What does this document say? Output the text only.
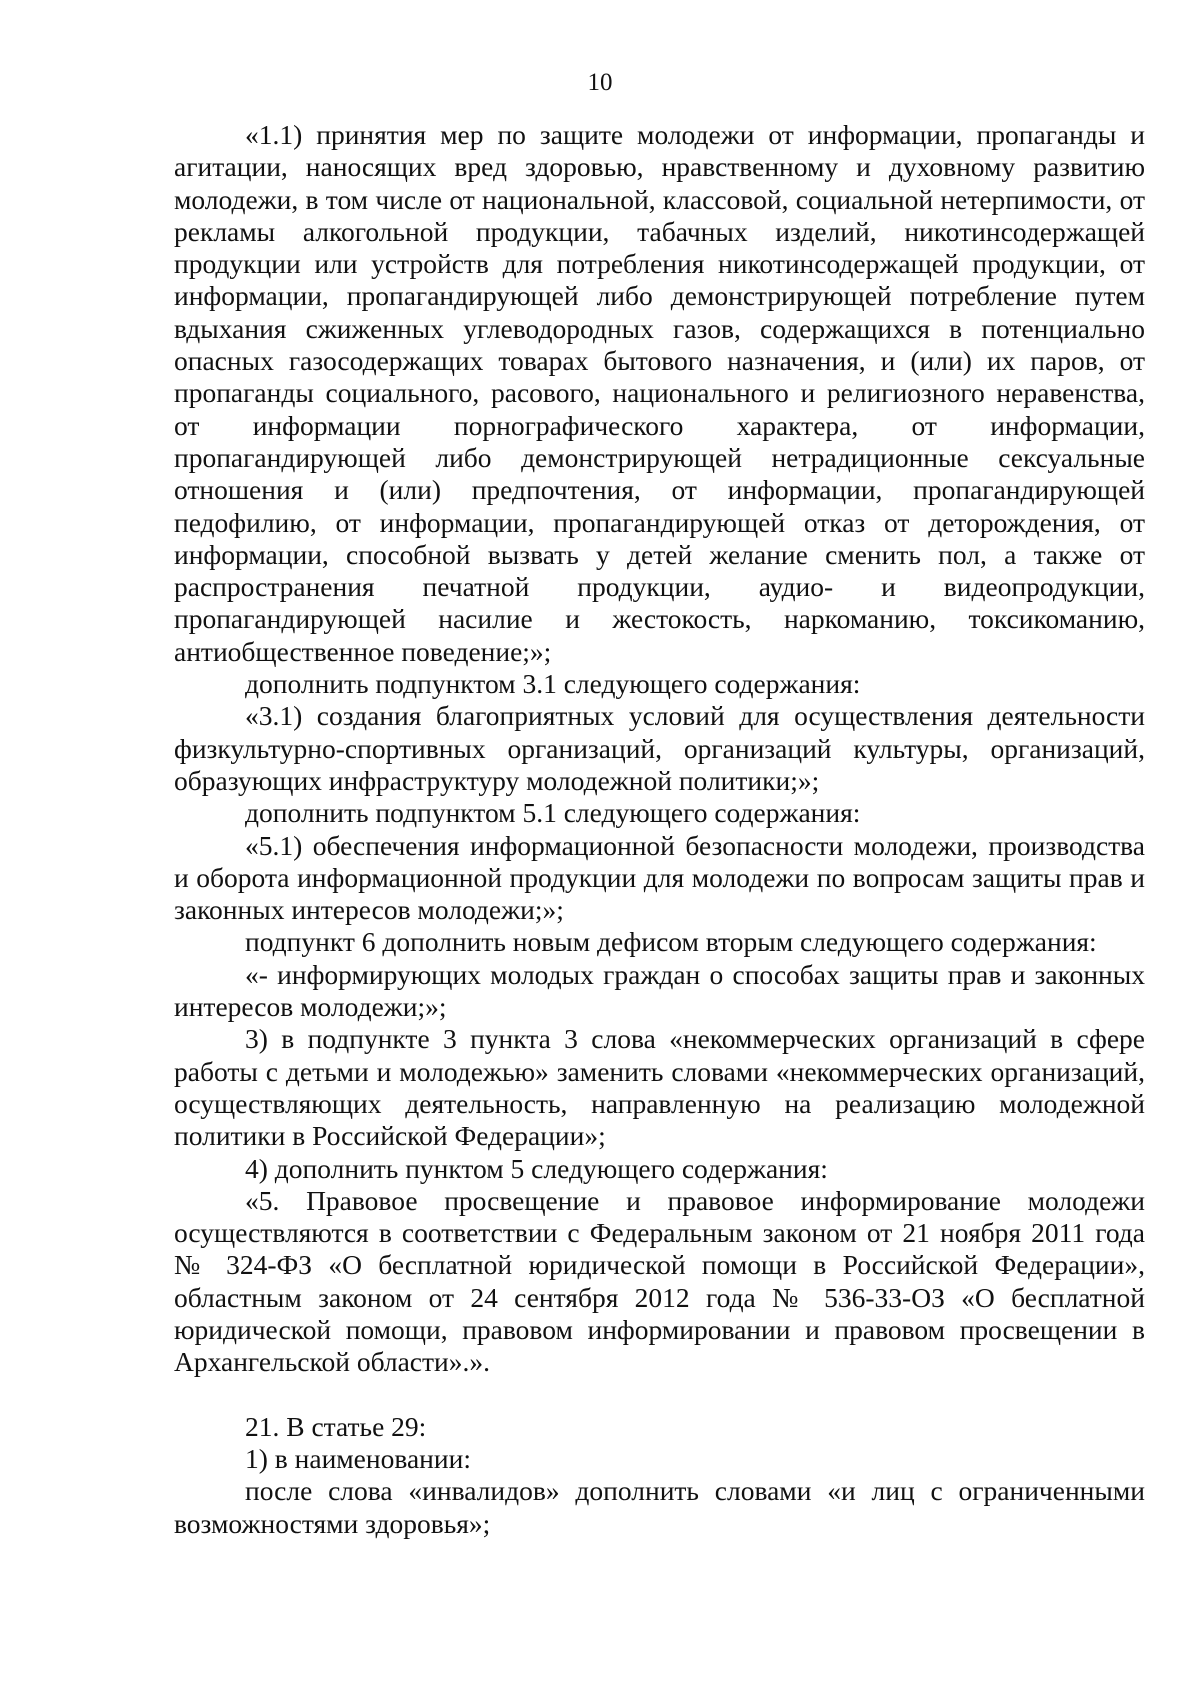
10

«1.1) принятия мер по защите молодежи от информации, пропаганды и агитации, наносящих вред здоровью, нравственному и духовному развитию молодежи, в том числе от национальной, классовой, социальной нетерпимости, от рекламы алкогольной продукции, табачных изделий, никотинсодержащей продукции или устройств для потребления никотинсодержащей продукции, от информации, пропагандирующей либо демонстрирующей потребление путем вдыхания сжиженных углеводородных газов, содержащихся в потенциально опасных газосодержащих товарах бытового назначения, и (или) их паров, от пропаганды социального, расового, национального и религиозного неравенства, от информации порнографического характера, от информации, пропагандирующей либо демонстрирующей нетрадиционные сексуальные отношения и (или) предпочтения, от информации, пропагандирующей педофилию, от информации, пропагандирующей отказ от деторождения, от информации, способной вызвать у детей желание сменить пол, а также от распространения печатной продукции, аудио- и видеопродукции, пропагандирующей насилие и жестокость, наркоманию, токсикоманию, антиобщественное поведение;»;

дополнить подпунктом 3.1 следующего содержания:

«3.1) создания благоприятных условий для осуществления деятельности физкультурно-спортивных организаций, организаций культуры, организаций, образующих инфраструктуру молодежной политики;»;

дополнить подпунктом 5.1 следующего содержания:

«5.1) обеспечения информационной безопасности молодежи, производства и оборота информационной продукции для молодежи по вопросам защиты прав и законных интересов молодежи;»;

подпункт 6 дополнить новым дефисом вторым следующего содержания:

«- информирующих молодых граждан о способах защиты прав и законных интересов молодежи;»;

3) в подпункте 3 пункта 3 слова «некоммерческих организаций в сфере работы с детьми и молодежью» заменить словами «некоммерческих организаций, осуществляющих деятельность, направленную на реализацию молодежной политики в Российской Федерации»;

4) дополнить пунктом 5 следующего содержания:

«5. Правовое просвещение и правовое информирование молодежи осуществляются в соответствии с Федеральным законом от 21 ноября 2011 года № 324-ФЗ «О бесплатной юридической помощи в Российской Федерации», областным законом от 24 сентября 2012 года № 536-33-ОЗ «О бесплатной юридической помощи, правовом информировании и правовом просвещении в Архангельской области».».

21. В статье 29:

1) в наименовании:

после слова «инвалидов» дополнить словами «и лиц с ограниченными возможностями здоровья»;
